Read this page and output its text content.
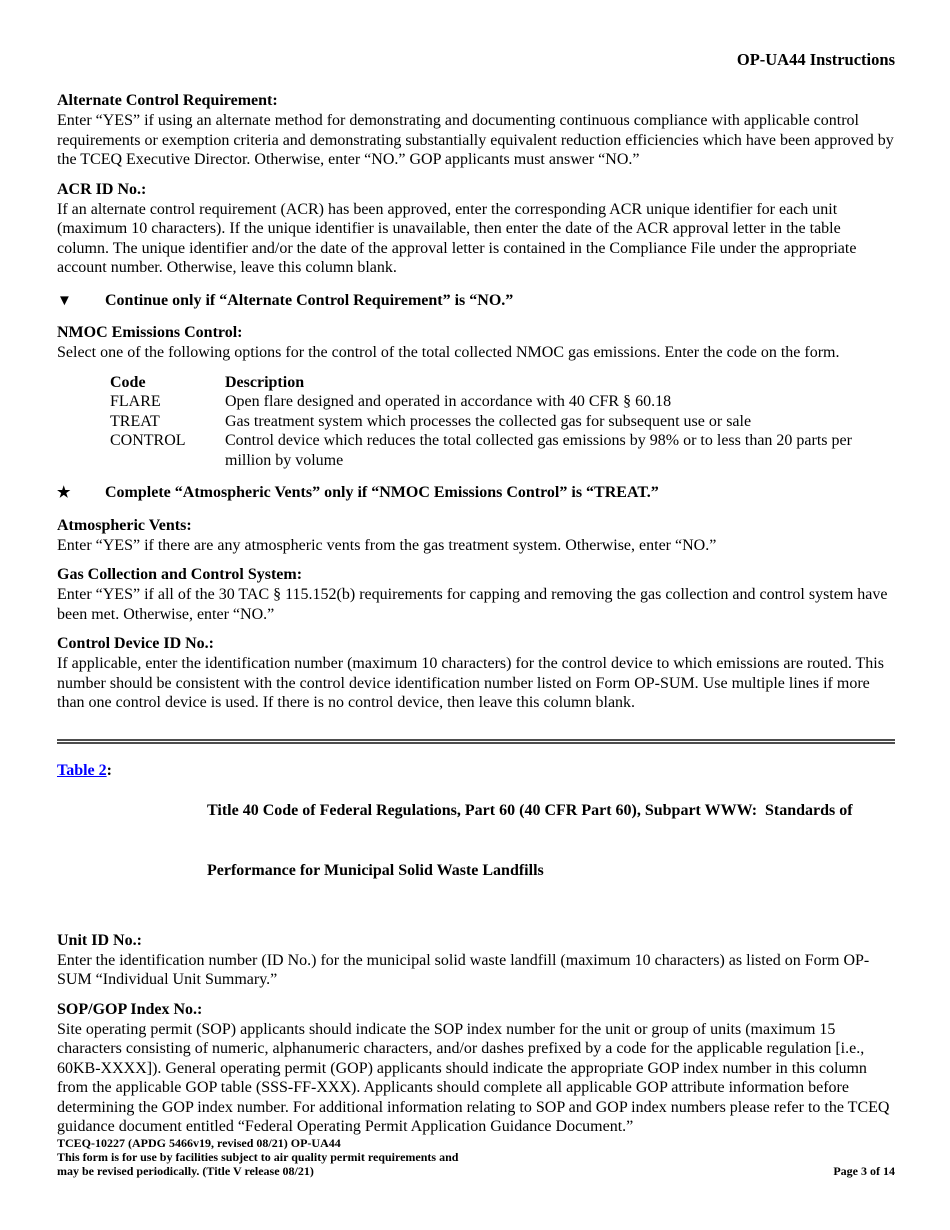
OP-UA44 Instructions
Alternate Control Requirement:

Enter “YES” if using an alternate method for demonstrating and documenting continuous compliance with applicable control requirements or exemption criteria and demonstrating substantially equivalent reduction efficiencies which have been approved by the TCEQ Executive Director. Otherwise, enter “NO.” GOP applicants must answer “NO.”

ACR ID No.:

If an alternate control requirement (ACR) has been approved, enter the corresponding ACR unique identifier for each unit (maximum 10 characters). If the unique identifier is unavailable, then enter the date of the ACR approval letter in the table column. The unique identifier and/or the date of the approval letter is contained in the Compliance File under the appropriate account number. Otherwise, leave this column blank.

▼	Continue only if “Alternate Control Requirement” is “NO.”
NMOC Emissions Control:

Select one of the following options for the control of the total collected NMOC gas emissions. Enter the code on the form.

Code	Description
FLARE	Open flare designed and operated in accordance with 40 CFR § 60.18
TREAT	Gas treatment system which processes the collected gas for subsequent use or sale
CONTROL	Control device which reduces the total collected gas emissions by 98% or to less than 20 parts per million by volume
★	Complete “Atmospheric Vents” only if “NMOC Emissions Control” is “TREAT.”
Atmospheric Vents:

Enter “YES” if there are any atmospheric vents from the gas treatment system. Otherwise, enter “NO.”

Gas Collection and Control System:

Enter “YES” if all of the 30 TAC § 115.152(b) requirements for capping and removing the gas collection and control system have been met. Otherwise, enter “NO.”

Control Device ID No.:

If applicable, enter the identification number (maximum 10 characters) for the control device to which emissions are routed. This number should be consistent with the control device identification number listed on Form OP-SUM. Use multiple lines if more than one control device is used. If there is no control device, then leave this column blank.

Table 2:

Title 40 Code of Federal Regulations, Part 60 (40 CFR Part 60), Subpart WWW:  Standards of

Performance for Municipal Solid Waste Landfills

Unit ID No.:

Enter the identification number (ID No.) for the municipal solid waste landfill (maximum 10 characters) as listed on Form OP-SUM “Individual Unit Summary.”

SOP/GOP Index No.:

Site operating permit (SOP) applicants should indicate the SOP index number for the unit or group of units (maximum 15 characters consisting of numeric, alphanumeric characters, and/or dashes prefixed by a code for the applicable regulation [i.e., 60KB-XXXX]). General operating permit (GOP) applicants should indicate the appropriate GOP index number in this column from the applicable GOP table (SSS-FF-XXX). Applicants should complete all applicable GOP attribute information before determining the GOP index number. For additional information relating to SOP and GOP index numbers please refer to the TCEQ guidance document entitled “Federal Operating Permit Application Guidance Document.”

TCEQ-10227 (APDG 5466v19, revised 08/21) OP-UA44
This form is for use by facilities subject to air quality permit requirements and
may be revised periodically. (Title V release 08/21)	Page 3 of 14
